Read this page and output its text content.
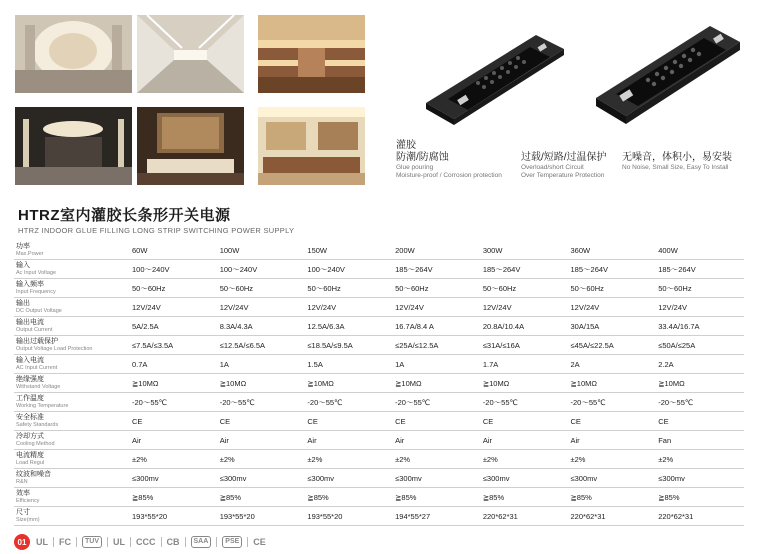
灌胶
防潮/防腐蚀
Glue pouring
Moisture-proof / Corrosion protection
过载/短路/过温保护
Overload/short Circuit
Over Temperature Protection
无噪音，体积小，易安装
No Noise, Small Size, Easy To Install
HTRZ室内灌胶长条形开关电源
HTRZ INDOOR GLUE FILLING LONG STRIP SWITCHING POWER SUPPLY
功率
Max.Power	60W	100W	150W	200W	300W	360W	400W

输入
Ac Input Voltage	100～240V	100～240V	100～240V	185～264V	185～264V	185～264V	185～264V

输入频率
Input Frequency	50～60Hz	50～60Hz	50～60Hz	50～60Hz	50～60Hz	50～60Hz	50～60Hz

输出
DC Output Voltage	12V/24V	12V/24V	12V/24V	12V/24V	12V/24V	12V/24V	12V/24V

输出电流
Output Current	5A/2.5A	8.3A/4.3A	12.5A/6.3A	16.7A/8.4 A	20.8A/10.4A	30A/15A	33.4A/16.7A

输出过载保护
Output Voltage Load Protection	≤7.5A/≤3.5A	≤12.5A/≤6.5A	≤18.5A/≤9.5A	≤25A/≤12.5A	≤31A/≤16A	≤45A/≤22.5A	≤50A/≤25A

输入电流
AC Input Current	0.7A	1A	1.5A	1A	1.7A	2A	2.2A

绝缘强度
Withstand Voltage	≧10MΩ	≧10MΩ	≧10MΩ	≧10MΩ	≧10MΩ	≧10MΩ	≧10MΩ

工作温度
Working Temperature	-20～55℃	-20～55℃	-20～55℃	-20～55℃	-20～55℃	-20～55℃	-20～55℃

安全标准
Safety Standards	CE	CE	CE	CE	CE	CE	CE

冷却方式
Cooling Method	Air	Air	Air	Air	Air	Air	Fan

电流精度
Load Regul	±2%	±2%	±2%	±2%	±2%	±2%	±2%

纹波和噪音
R&N	≤300mv	≤300mv	≤300mv	≤300mv	≤300mv	≤300mv	≤300mv

效率
Efficiency	≧85%	≧85%	≧85%	≧85%	≧85%	≧85%	≧85%

尺寸
Size(mm)	193*55*20	193*55*20	193*55*20	194*55*27	220*62*31	220*62*31	220*62*31
01	UL FC	TUV	UL CCC CB	SAA	PSE	CE
